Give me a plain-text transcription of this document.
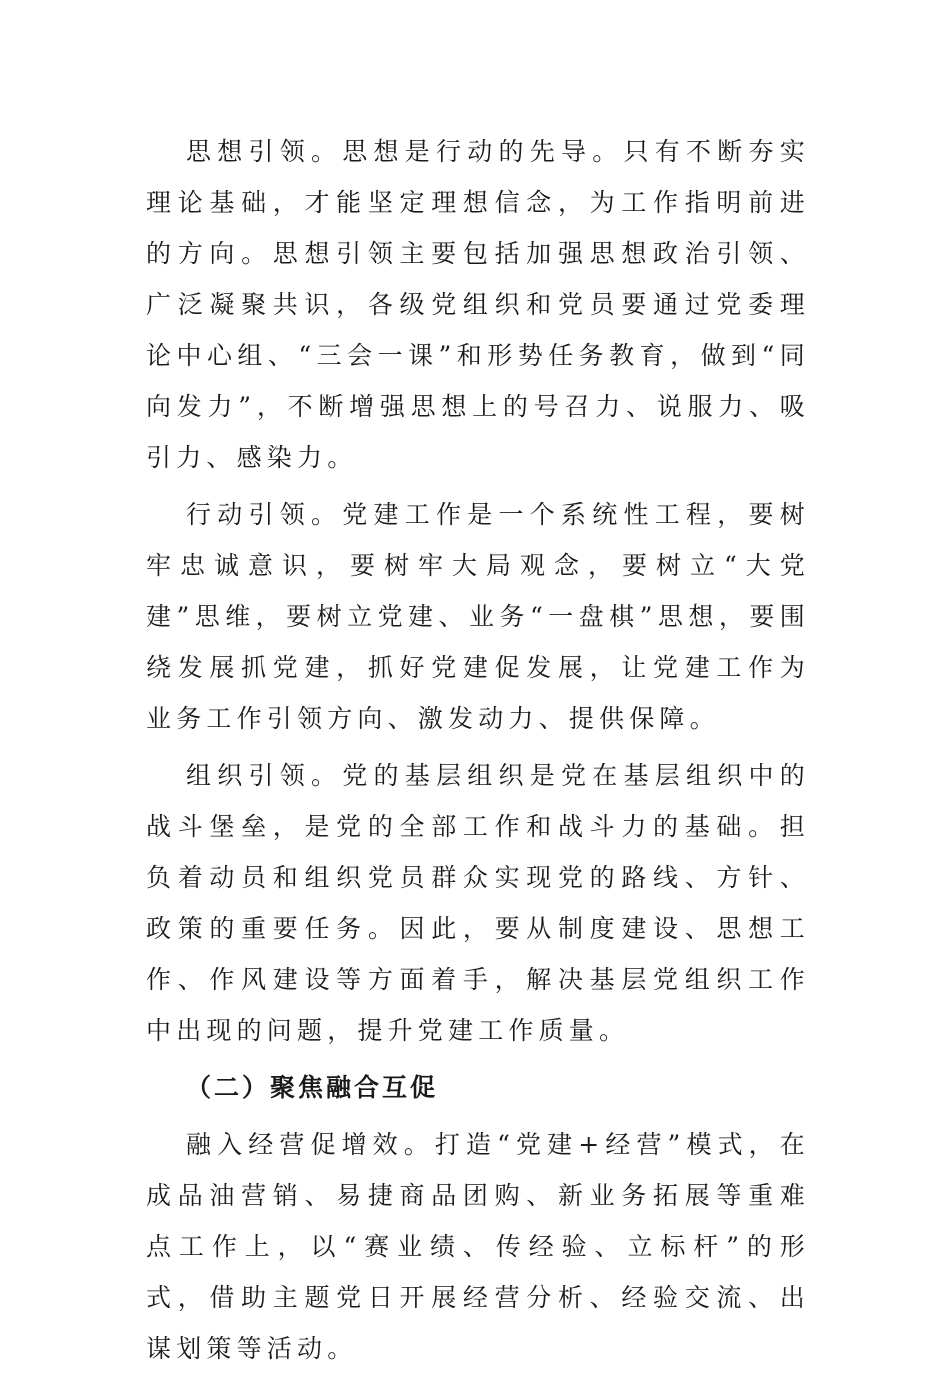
思想引领。思想是行动的先导。只有不断夯实理论基础，才能坚定理想信念，为工作指明前进的方向。思想引领主要包括加强思想政治引领、广泛凝聚共识，各级党组织和党员要通过党委理论中心组、“三会一课”和形势任务教育，做到“同向发力”，不断增强思想上的号召力、说服力、吸引力、感染力。

行动引领。党建工作是一个系统性工程，要树牢忠诚意识，要树牢大局观念，要树立“大党建”思维，要树立党建、业务“一盘棋”思想，要围绕发展抓党建，抓好党建促发展，让党建工作为业务工作引领方向、激发动力、提供保障。

组织引领。党的基层组织是党在基层组织中的战斗堡垒，是党的全部工作和战斗力的基础。担负着动员和组织党员群众实现党的路线、方针、政策的重要任务。因此，要从制度建设、思想工作、作风建设等方面着手，解决基层党组织工作中出现的问题，提升党建工作质量。

（二）聚焦融合互促

融入经营促增效。打造“党建+经营”模式，在成品油营销、易捷商品团购、新业务拓展等重难点工作上，以“赛业绩、传经验、立标杆”的形式，借助主题党日开展经营分析、经验交流、出谋划策等活动。
